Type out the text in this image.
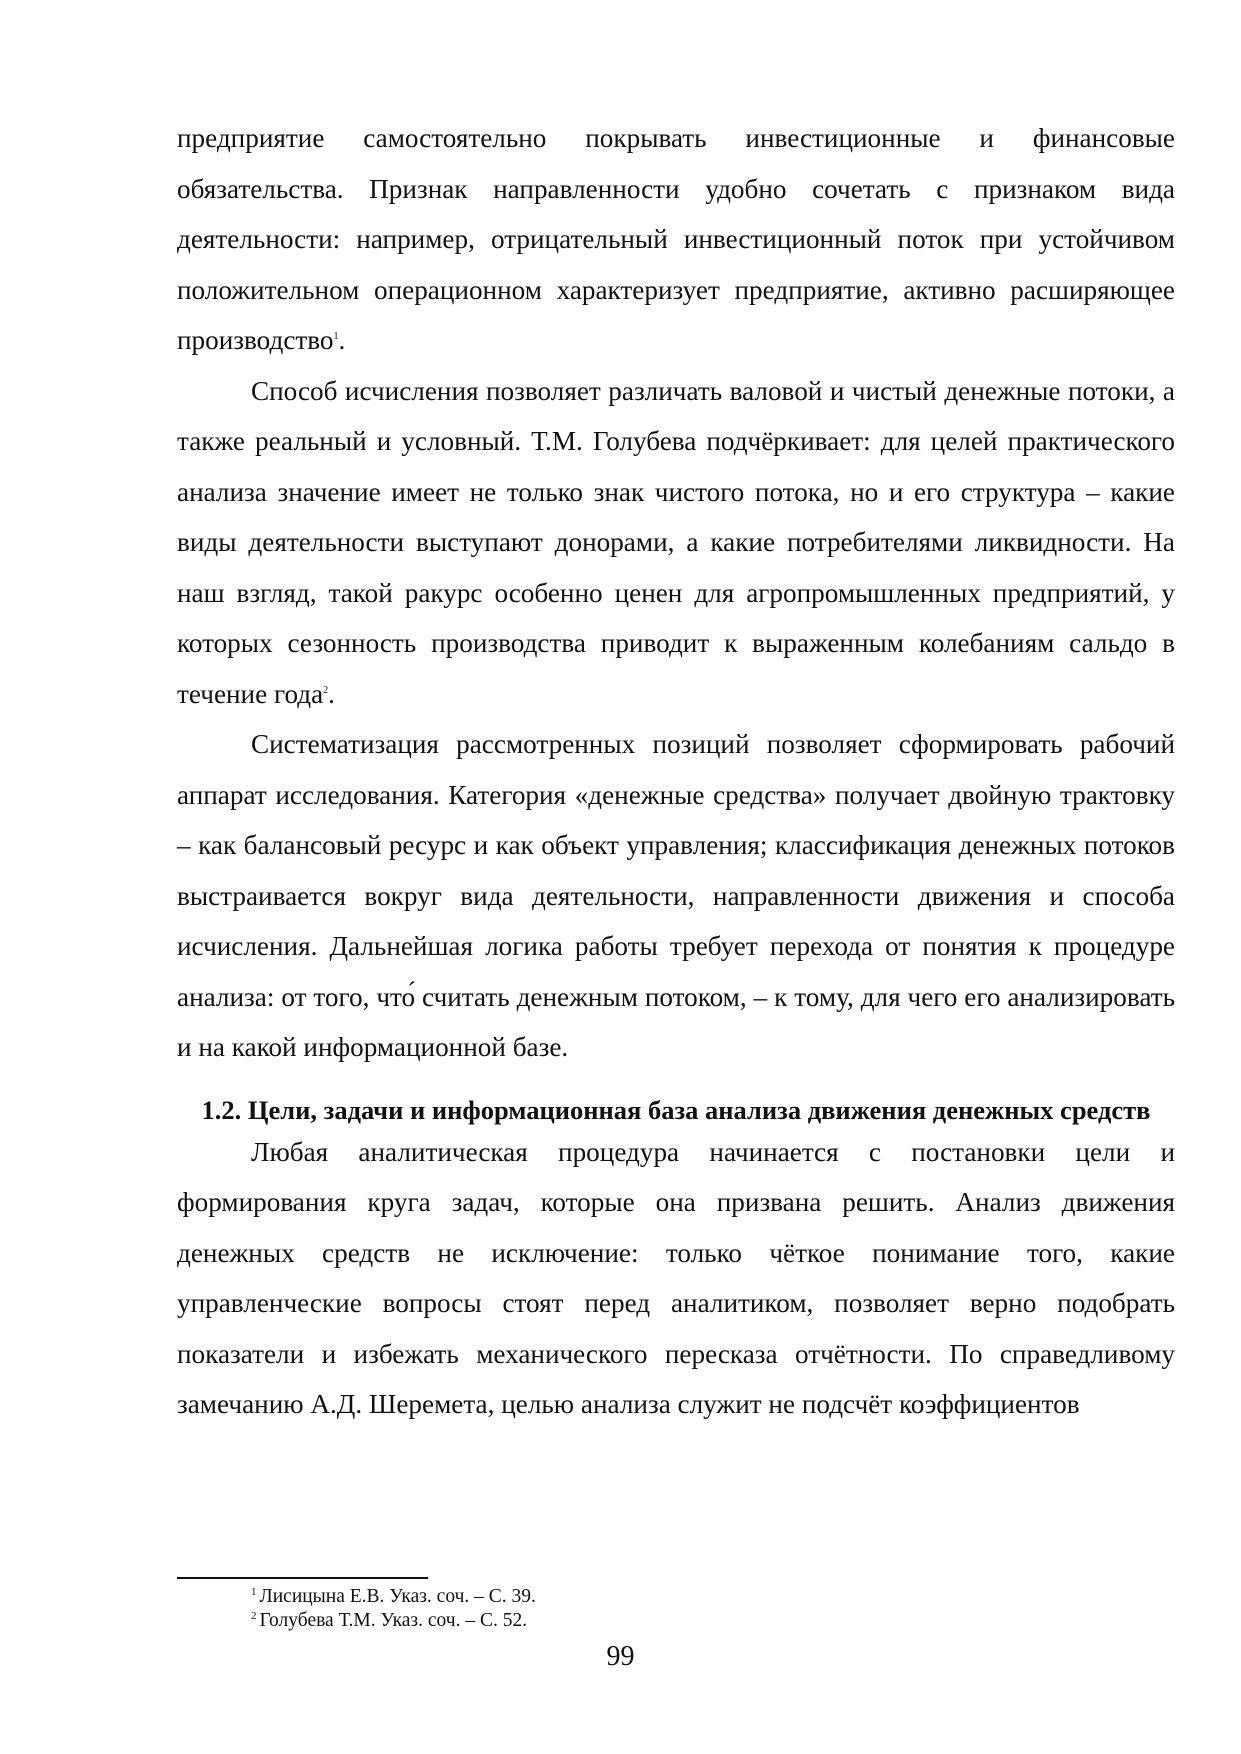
предприятие самостоятельно покрывать инвестиционные и финансовые обязательства. Признак направленности удобно сочетать с признаком вида деятельности: например, отрицательный инвестиционный поток при устойчивом положительном операционном характеризует предприятие, активно расширяющее производство$^1$.

Способ исчисления позволяет различать валовой и чистый денежные потоки, а также реальный и условный. Т.М. Голубева подчёркивает: для целей практического анализа значение имеет не только знак чистого потока, но и его структура – какие виды деятельности выступают донорами, а какие потребителями ликвидности. На наш взгляд, такой ракурс особенно ценен для агропромышленных предприятий, у которых сезонность производства приводит к выраженным колебаниям сальдо в течение года$^2$.

Систематизация рассмотренных позиций позволяет сформировать рабочий аппарат исследования. Категория «денежные средства» получает двойную трактовку – как балансовый ресурс и как объект управления; классификация денежных потоков выстраивается вокруг вида деятельности, направленности движения и способа исчисления. Дальнейшая логика работы требует перехода от понятия к процедуре анализа: от того, что́ считать денежным потоком, – к тому, для чего его анализировать и на какой информационной базе.

1.2. Цели, задачи и информационная база анализа движения денежных средств

Любая аналитическая процедура начинается с постановки цели и формирования круга задач, которые она призвана решить. Анализ движения денежных средств не исключение: только чёткое понимание того, какие управленческие вопросы стоят перед аналитиком, позволяет верно подобрать показатели и избежать механического пересказа отчётности. По справедливому замечанию А.Д. Шеремета, целью анализа служит не подсчёт коэффициентов

$^1$ Лисицына Е.В. Указ. соч. – С. 39.
$^2$ Голубева Т.М. Указ. соч. – С. 52.
99
